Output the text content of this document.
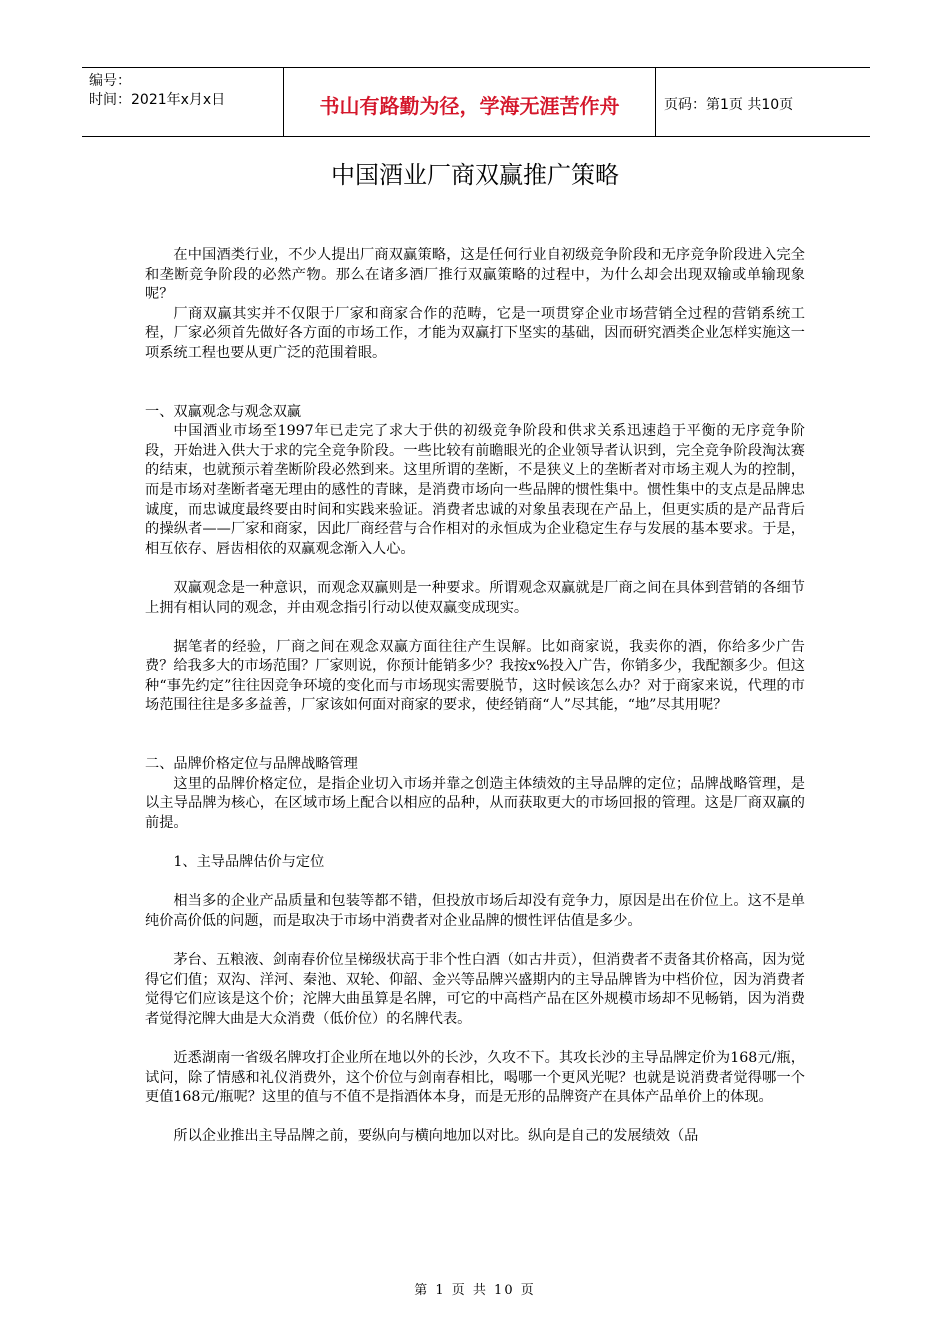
编号：
时间：2021年x月x日	书山有路勤为径，学海无涯苦作舟	页码：第1页 共10页
中国酒业厂商双赢推广策略

在中国酒类行业，不少人提出厂商双赢策略，这是任何行业自初级竞争阶段和无序竞争阶段进入完全和垄断竞争阶段的必然产物。那么在诸多酒厂推行双赢策略的过程中，为什么却会出现双输或单输现象呢？

厂商双赢其实并不仅限于厂家和商家合作的范畴，它是一项贯穿企业市场营销全过程的营销系统工程，厂家必须首先做好各方面的市场工作，才能为双赢打下坚实的基础，因而研究酒类企业怎样实施这一项系统工程也要从更广泛的范围着眼。

一、双赢观念与观念双赢

中国酒业市场至1997年已走完了求大于供的初级竞争阶段和供求关系迅速趋于平衡的无序竞争阶段，开始进入供大于求的完全竞争阶段。一些比较有前瞻眼光的企业领导者认识到，完全竞争阶段淘汰赛的结束，也就预示着垄断阶段必然到来。这里所谓的垄断，不是狭义上的垄断者对市场主观人为的控制，而是市场对垄断者毫无理由的感性的青睐，是消费市场向一些品牌的惯性集中。惯性集中的支点是品牌忠诚度，而忠诚度最终要由时间和实践来验证。消费者忠诚的对象虽表现在产品上，但更实质的是产品背后的操纵者——厂家和商家，因此厂商经营与合作相对的永恒成为企业稳定生存与发展的基本要求。于是，相互依存、唇齿相依的双赢观念渐入人心。

双赢观念是一种意识，而观念双赢则是一种要求。所谓观念双赢就是厂商之间在具体到营销的各细节上拥有相认同的观念，并由观念指引行动以使双赢变成现实。

据笔者的经验，厂商之间在观念双赢方面往往产生误解。比如商家说，我卖你的酒，你给多少广告费？给我多大的市场范围？厂家则说，你预计能销多少？我按x%投入广告，你销多少，我配额多少。但这种“事先约定”往往因竞争环境的变化而与市场现实需要脱节，这时候该怎么办？对于商家来说，代理的市场范围往往是多多益善，厂家该如何面对商家的要求，使经销商“人”尽其能，“地”尽其用呢？

二、品牌价格定位与品牌战略管理

这里的品牌价格定位，是指企业切入市场并靠之创造主体绩效的主导品牌的定位；品牌战略管理，是以主导品牌为核心，在区域市场上配合以相应的品种，从而获取更大的市场回报的管理。这是厂商双赢的前提。

1、主导品牌估价与定位

相当多的企业产品质量和包装等都不错，但投放市场后却没有竞争力，原因是出在价位上。这不是单纯价高价低的问题，而是取决于市场中消费者对企业品牌的惯性评估值是多少。

茅台、五粮液、剑南春价位呈梯级状高于非个性白酒（如古井贡），但消费者不责备其价格高，因为觉得它们值；双沟、洋河、秦池、双轮、仰韶、金兴等品牌兴盛期内的主导品牌皆为中档价位，因为消费者觉得它们应该是这个价；沱牌大曲虽算是名牌，可它的中高档产品在区外规模市场却不见畅销，因为消费者觉得沱牌大曲是大众消费（低价位）的名牌代表。

近悉湖南一省级名牌攻打企业所在地以外的长沙，久攻不下。其攻长沙的主导品牌定价为168元/瓶，试问，除了情感和礼仪消费外，这个价位与剑南春相比，喝哪一个更风光呢？也就是说消费者觉得哪一个更值168元/瓶呢？这里的值与不值不是指酒体本身，而是无形的品牌资产在具体产品单价上的体现。

所以企业推出主导品牌之前，要纵向与横向地加以对比。纵向是自己的发展绩效（品

第 1 页 共 10 页
